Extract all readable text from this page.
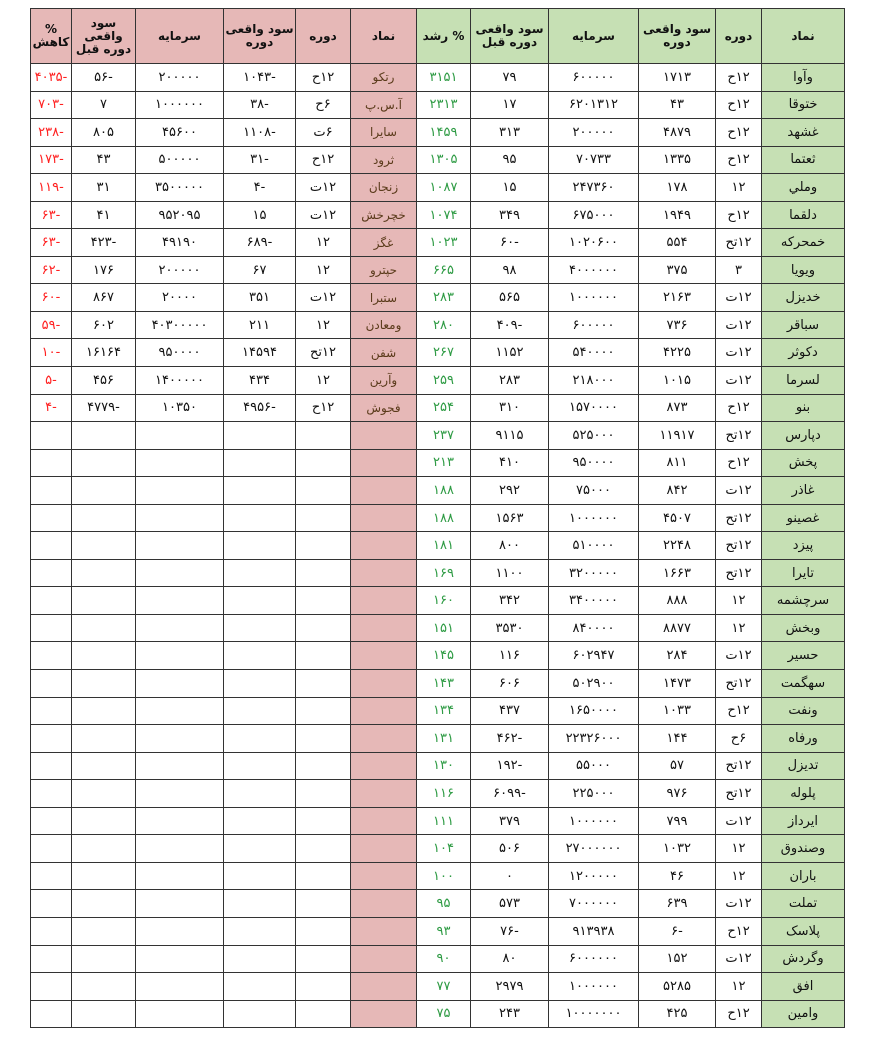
نماد	دوره	سود واقعی دوره	سرمایه	سود واقعی دوره قبل	% رشد	نماد	دوره	سود واقعی دوره	سرمایه	سود واقعی دوره قبل	% کاهش
وآوا	۱۲ح	۱۷۱۳	۶۰۰۰۰۰	۷۹	۳۱۵۱	رتکو	۱۲ح	-۱۰۴۳	۲۰۰۰۰۰	-۵۶	-۴۰۳۵
ختوقا	۱۲ح	۴۳	۶۲۰۱۳۱۲	۱۷	۲۳۱۳	آ.س.پ	۶ح	-۳۸	۱۰۰۰۰۰۰	۷	-۷۰۳
غشهد	۱۲ح	۴۸۷۹	۲۰۰۰۰۰	۳۱۳	۱۴۵۹	سایرا	۶ت	-۱۱۰۸	۴۵۶۰۰	۸۰۵	-۲۳۸
ثعتما	۱۲ح	۱۳۳۵	۷۰۷۳۳	۹۵	۱۳۰۵	ثرود	۱۲ح	-۳۱	۵۰۰۰۰۰	۴۳	-۱۷۳
وملي	۱۲	۱۷۸	۲۴۷۳۶۰	۱۵	۱۰۸۷	زنجان	۱۲ت	-۴	۳۵۰۰۰۰۰	۳۱	-۱۱۹
دلقما	۱۲ح	۱۹۴۹	۶۷۵۰۰۰	۳۴۹	۱۰۷۴	خچرخش	۱۲ت	۱۵	۹۵۲۰۹۵	۴۱	-۶۳
خمحرکه	۱۲تح	۵۵۴	۱۰۲۰۶۰۰	-۶۰	۱۰۲۳	غگز	۱۲	-۶۸۹	۴۹۱۹۰	-۴۲۳	-۶۳
ویویا	۳	۳۷۵	۴۰۰۰۰۰۰	۹۸	۶۶۵	حپترو	۱۲	۶۷	۲۰۰۰۰۰	۱۷۶	-۶۲
خدیزل	۱۲ت	۲۱۶۳	۱۰۰۰۰۰۰	۵۶۵	۲۸۳	ستبرا	۱۲ت	۳۵۱	۲۰۰۰۰	۸۶۷	-۶۰
سباقر	۱۲ت	۷۳۶	۶۰۰۰۰۰	-۴۰۹	۲۸۰	ومعادن	۱۲	۲۱۱	۴۰۳۰۰۰۰۰	۶۰۲	-۵۹
دکوثر	۱۲ت	۴۲۲۵	۵۴۰۰۰۰	۱۱۵۲	۲۶۷	شفن	۱۲تح	۱۴۵۹۴	۹۵۰۰۰۰	۱۶۱۶۴	-۱۰
لسرما	۱۲ت	۱۰۱۵	۲۱۸۰۰۰	۲۸۳	۲۵۹	وآرین	۱۲	۴۳۴	۱۴۰۰۰۰۰	۴۵۶	-۵
بنو	۱۲ح	۸۷۳	۱۵۷۰۰۰۰	۳۱۰	۲۵۴	فجوش	۱۲ح	-۴۹۵۶	۱۰۳۵۰	-۴۷۷۹	-۴
دپارس	۱۲تح	۱۱۹۱۷	۵۲۵۰۰۰	۹۱۱۵	۲۳۷						
پخش	۱۲ح	۸۱۱	۹۵۰۰۰۰	۴۱۰	۲۱۳						
غاذر	۱۲ت	۸۴۲	۷۵۰۰۰	۲۹۲	۱۸۸						
غصینو	۱۲تح	۴۵۰۷	۱۰۰۰۰۰۰	۱۵۶۳	۱۸۸						
پیزد	۱۲تح	۲۲۴۸	۵۱۰۰۰۰	۸۰۰	۱۸۱						
تایرا	۱۲تح	۱۶۶۳	۳۲۰۰۰۰۰	۱۱۰۰	۱۶۹						
سرچشمه	۱۲	۸۸۸	۳۴۰۰۰۰۰	۳۴۲	۱۶۰						
وبخش	۱۲	۸۸۷۷	۸۴۰۰۰۰	۳۵۳۰	۱۵۱						
حسیر	۱۲ت	۲۸۴	۶۰۲۹۴۷	۱۱۶	۱۴۵						
سهگمت	۱۲تح	۱۴۷۳	۵۰۲۹۰۰	۶۰۶	۱۴۳						
ونفت	۱۲ح	۱۰۳۳	۱۶۵۰۰۰۰	۴۳۷	۱۳۴						
ورفاه	۶ح	۱۴۴	۲۲۳۲۶۰۰۰	-۴۶۲	۱۳۱						
تدیزل	۱۲تح	۵۷	۵۵۰۰۰	-۱۹۲	۱۳۰						
پلوله	۱۲تح	۹۷۶	۲۲۵۰۰۰	-۶۰۹۹	۱۱۶						
ایرداز	۱۲ت	۷۹۹	۱۰۰۰۰۰۰	۳۷۹	۱۱۱						
وصندوق	۱۲	۱۰۳۲	۲۷۰۰۰۰۰۰	۵۰۶	۱۰۴						
باران	۱۲	۴۶	۱۲۰۰۰۰۰	۰	۱۰۰						
تملت	۱۲ت	۶۳۹	۷۰۰۰۰۰۰	۵۷۳	۹۵						
پلاسک	۱۲ح	-۶	۹۱۳۹۳۸	-۷۶	۹۳						
وگردش	۱۲ت	۱۵۲	۶۰۰۰۰۰۰	۸۰	۹۰						
افق	۱۲	۵۲۸۵	۱۰۰۰۰۰۰	۲۹۷۹	۷۷						
وامین	۱۲ح	۴۲۵	۱۰۰۰۰۰۰۰	۲۴۳	۷۵						
